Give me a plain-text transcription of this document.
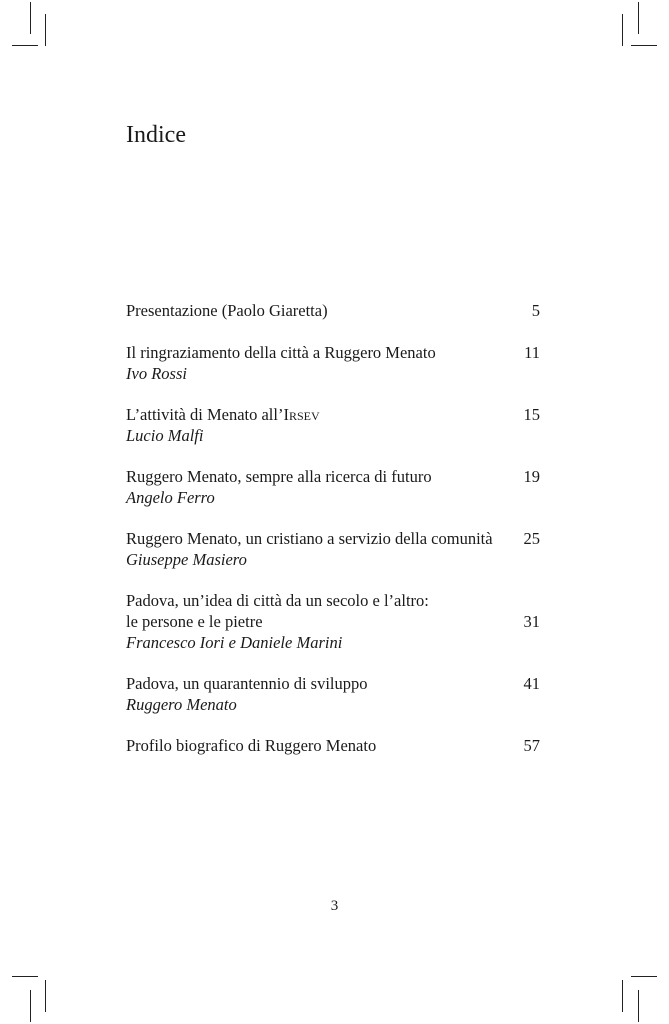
Indice
Presentazione (Paolo Giaretta)	5
Il ringraziamento della città a Ruggero Menato
Ivo Rossi
11
L’attività di Menato all’Irsev
Lucio Malfi
15
Ruggero Menato, sempre alla ricerca di futuro
Angelo Ferro
19
Ruggero Menato, un cristiano a servizio della comunità
Giuseppe Masiero
25
Padova, un’idea di città da un secolo e l’altro:
le persone e le pietre
Francesco Iori e Daniele Marini
31
Padova, un quarantennio di sviluppo
Ruggero Menato
41
Profilo biografico di Ruggero Menato	57
3
